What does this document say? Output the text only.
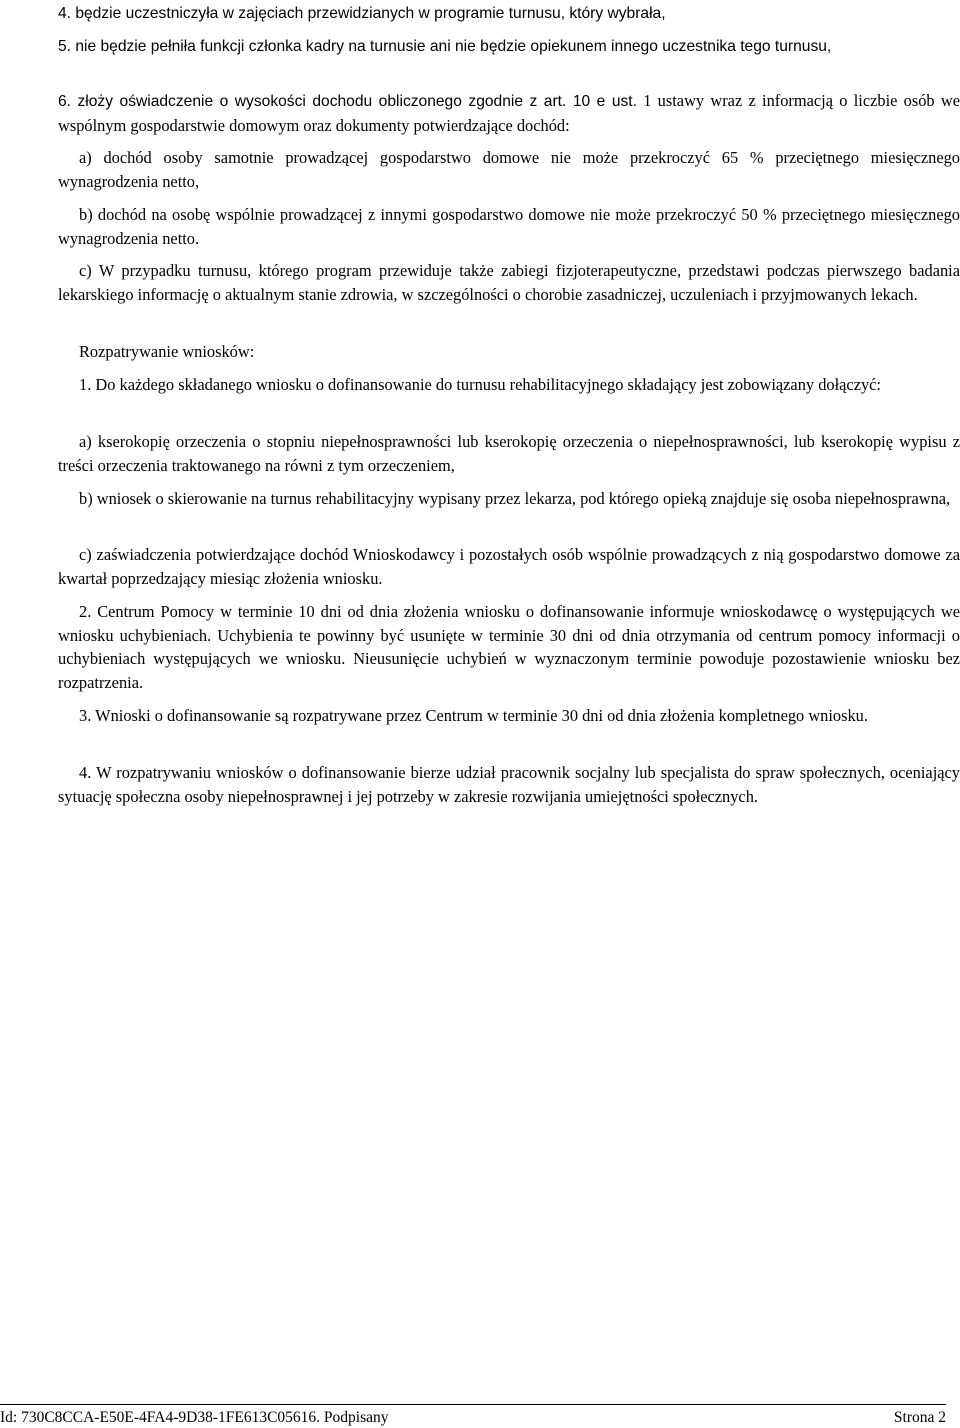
4. będzie uczestniczyła w zajęciach przewidzianych w programie turnusu, który wybrała,
5. nie będzie pełniła funkcji członka kadry na turnusie ani nie będzie opiekunem innego uczestnika tego turnusu,
6. złoży oświadczenie o wysokości dochodu obliczonego zgodnie z art. 10 e ust. 1 ustawy wraz z informacją o liczbie osób we wspólnym gospodarstwie domowym oraz dokumenty potwierdzające dochód:
a) dochód osoby samotnie prowadzącej gospodarstwo domowe nie może przekroczyć 65 % przeciętnego miesięcznego wynagrodzenia netto,
b) dochód na osobę wspólnie prowadzącej z innymi gospodarstwo domowe nie może przekroczyć 50 % przeciętnego miesięcznego wynagrodzenia netto.
c) W przypadku turnusu, którego program przewiduje także zabiegi fizjoterapeutyczne, przedstawi podczas pierwszego badania lekarskiego informację o aktualnym stanie zdrowia, w szczególności o chorobie zasadniczej, uczuleniach i przyjmowanych lekach.
Rozpatrywanie wniosków:
1. Do każdego składanego wniosku o dofinansowanie do turnusu rehabilitacyjnego składający jest zobowiązany dołączyć:
a) kserokopię orzeczenia o stopniu niepełnosprawności lub kserokopię orzeczenia o niepełnosprawności, lub kserokopię wypisu z treści orzeczenia traktowanego na równi z tym orzeczeniem,
b) wniosek o skierowanie na turnus rehabilitacyjny wypisany przez lekarza, pod którego opieką znajduje się osoba niepełnosprawna,
c) zaświadczenia potwierdzające dochód Wnioskodawcy i pozostałych osób wspólnie prowadzących z nią gospodarstwo domowe za kwartał poprzedzający miesiąc złożenia wniosku.
2. Centrum Pomocy w terminie 10 dni od dnia złożenia wniosku o dofinansowanie informuje wnioskodawcę o występujących we wniosku uchybieniach. Uchybienia te powinny być usunięte w terminie 30 dni od dnia otrzymania od centrum pomocy informacji o uchybieniach występujących we wniosku. Nieusunięcie uchybień w wyznaczonym terminie powoduje pozostawienie wniosku bez rozpatrzenia.
3. Wnioski o dofinansowanie są rozpatrywane przez Centrum w terminie 30 dni od dnia złożenia kompletnego wniosku.
4. W rozpatrywaniu wniosków o dofinansowanie bierze udział pracownik socjalny lub specjalista do spraw społecznych, oceniający sytuację społeczna osoby niepełnosprawnej i jej potrzeby w zakresie rozwijania umiejętności społecznych.
Id: 730C8CCA-E50E-4FA4-9D38-1FE613C05616. Podpisany	Strona 2
